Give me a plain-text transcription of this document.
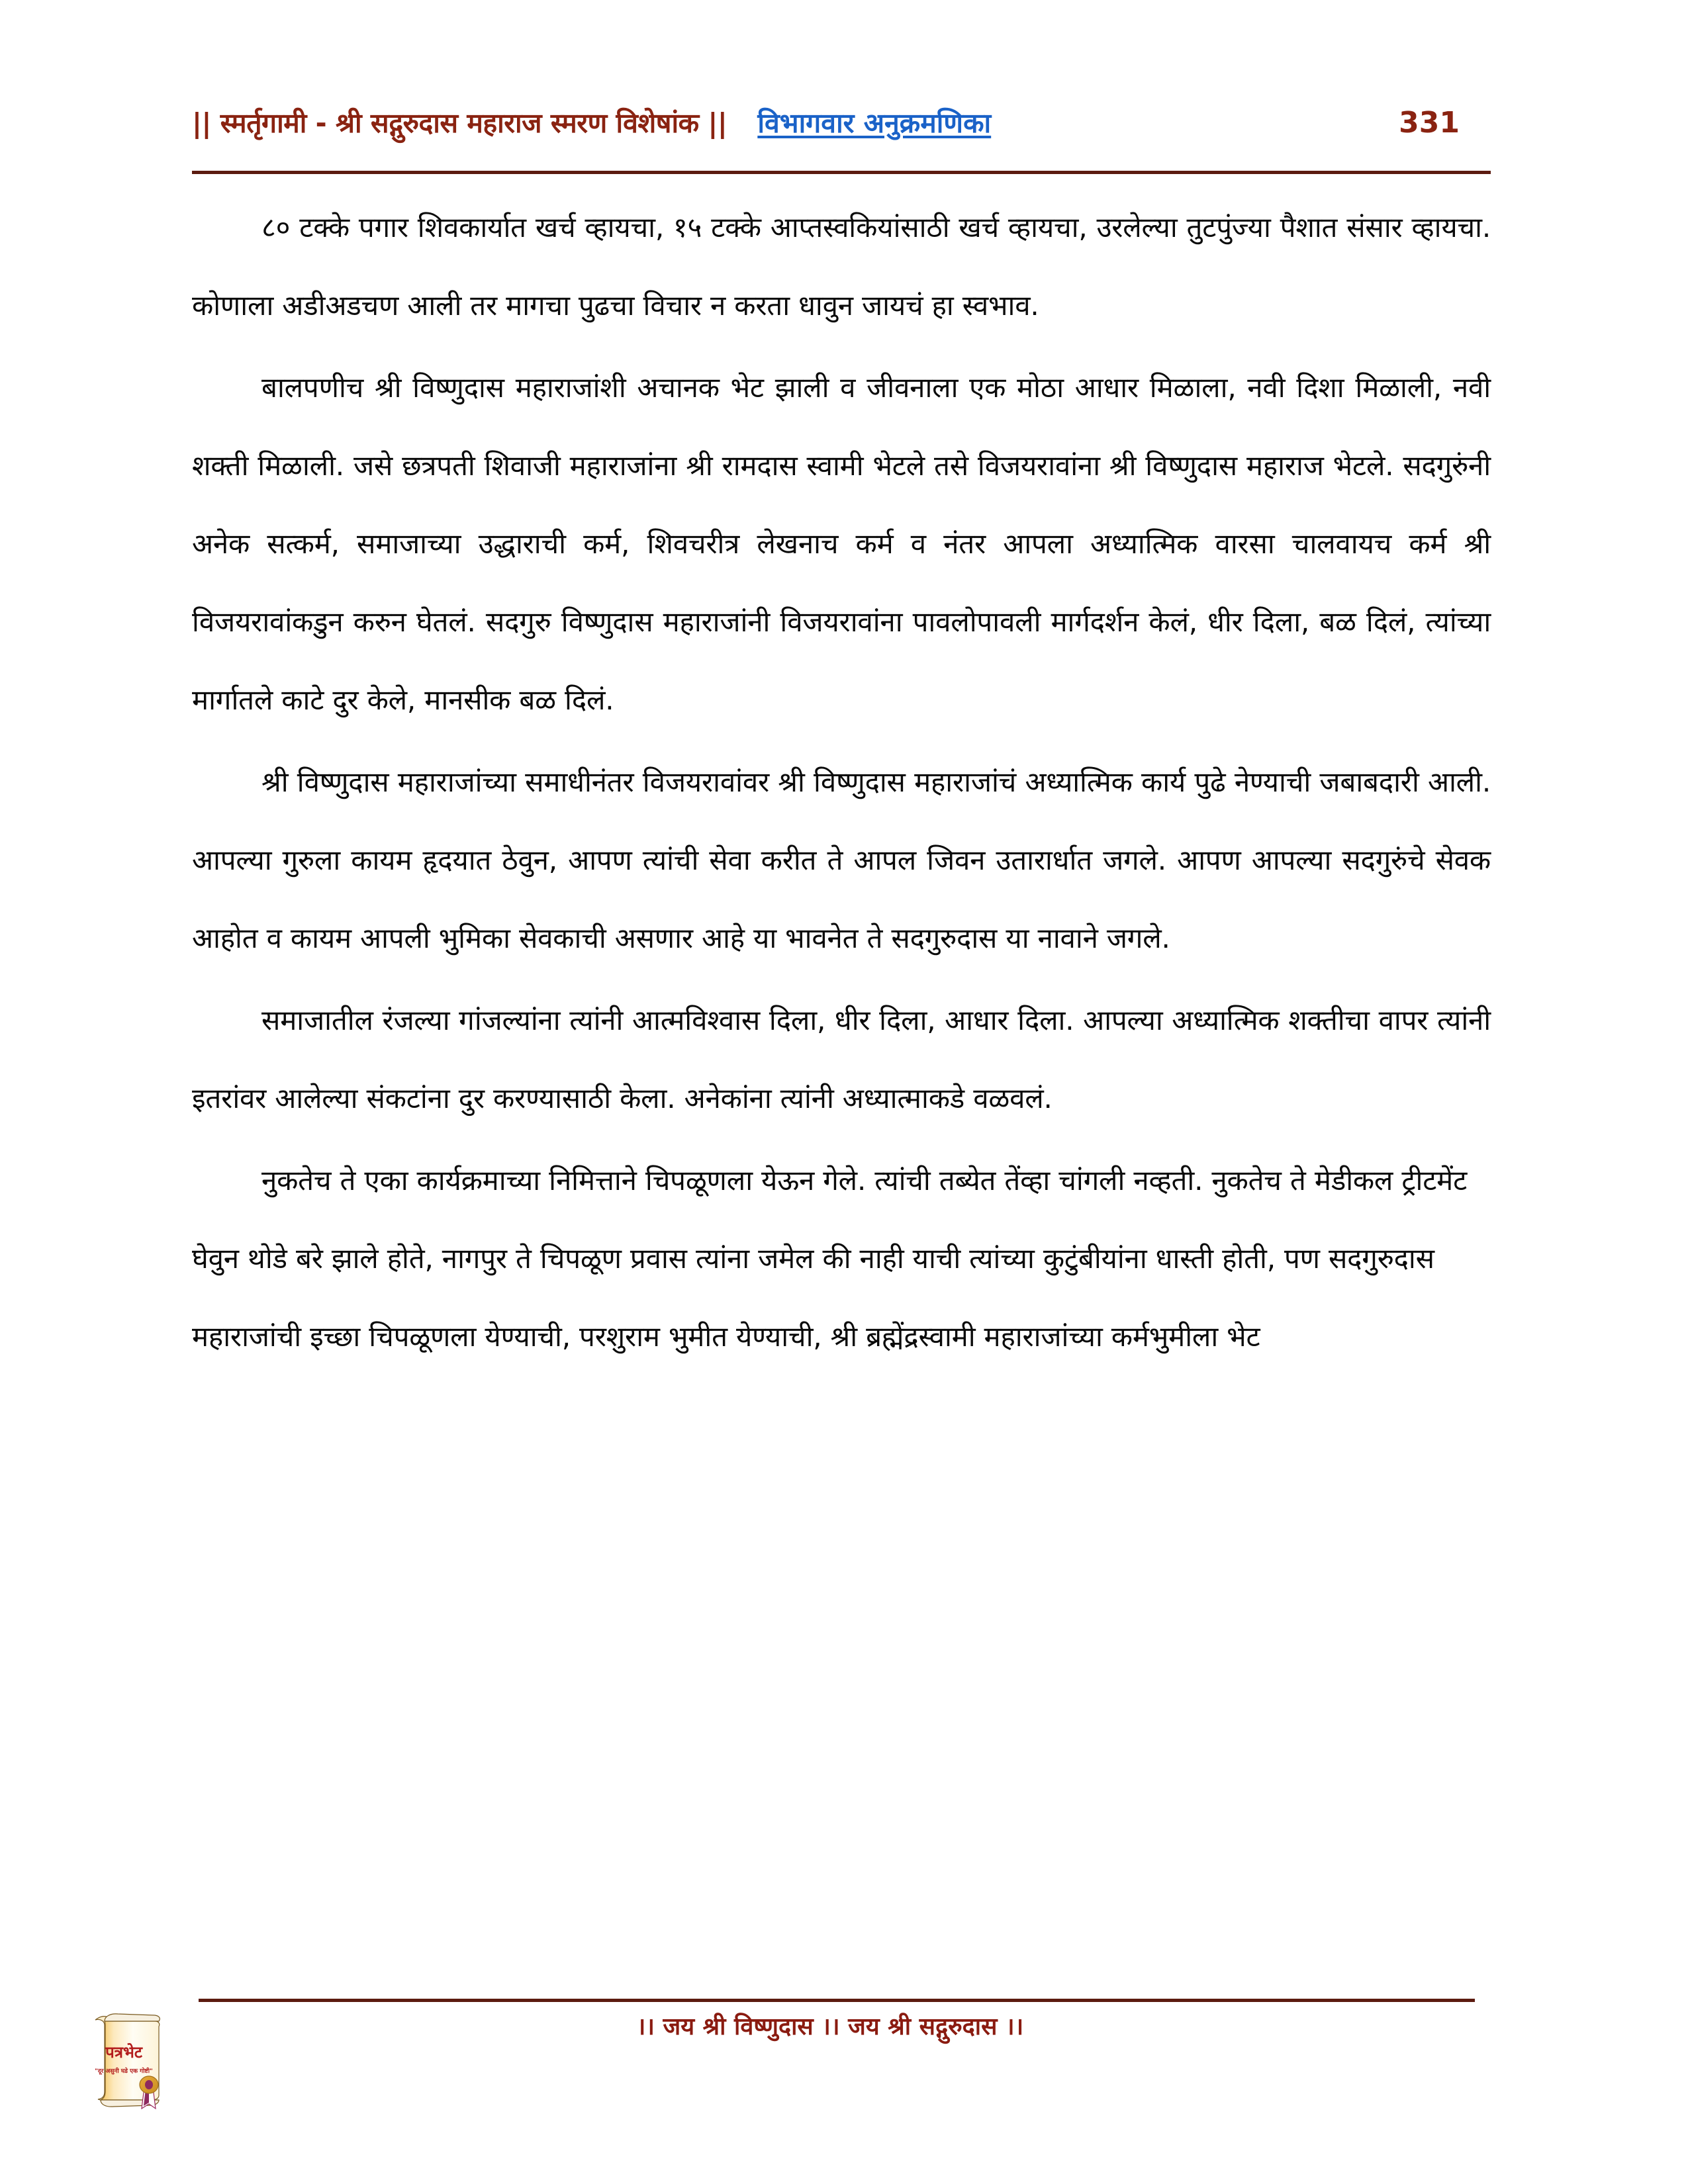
|| स्मर्तृगामी - श्री सद्गुरुदास महाराज स्मरण विशेषांक || विभागवार अनुक्रमणिका	331

८० टक्के पगार शिवकार्यात खर्च व्हायचा, १५ टक्के आप्तस्वकियांसाठी खर्च व्हायचा, उरलेल्या तुटपुंज्या पैशात संसार व्हायचा. कोणाला अडीअडचण आली तर मागचा पुढचा विचार न करता धावुन जायचं हा स्वभाव.

बालपणीच श्री विष्णुदास महाराजांशी अचानक भेट झाली व जीवनाला एक मोठा आधार मिळाला, नवी दिशा मिळाली, नवी शक्ती मिळाली. जसे छत्रपती शिवाजी महाराजांना श्री रामदास स्वामी भेटले तसे विजयरावांना श्री विष्णुदास महाराज भेटले. सदगुरुंनी अनेक सत्कर्म, समाजाच्या उद्धाराची कर्म, शिवचरीत्र लेखनाच कर्म व नंतर आपला अध्यात्मिक वारसा चालवायच कर्म श्री विजयरावांकडुन करुन घेतलं. सदगुरु विष्णुदास महाराजांनी विजयरावांना पावलोपावली मार्गदर्शन केलं, धीर दिला, बळ दिलं, त्यांच्या मार्गातले काटे दुर केले, मानसीक बळ दिलं.

श्री विष्णुदास महाराजांच्या समाधीनंतर विजयरावांवर श्री विष्णुदास महाराजांचं अध्यात्मिक कार्य पुढे नेण्याची जबाबदारी आली. आपल्या गुरुला कायम हृदयात ठेवुन, आपण त्यांची सेवा करीत ते आपल जिवन उतारार्धात जगले. आपण आपल्या सदगुरुंचे सेवक आहोत व कायम आपली भुमिका सेवकाची असणार आहे या भावनेत ते सदगुरुदास या नावाने जगले.

समाजातील रंजल्या गांजल्यांना त्यांनी आत्मविश्वास दिला, धीर दिला, आधार दिला. आपल्या अध्यात्मिक शक्तीचा वापर त्यांनी इतरांवर आलेल्या संकटांना दुर करण्यासाठी केला. अनेकांना त्यांनी अध्यात्माकडे वळवलं.

नुकतेच ते एका कार्यक्रमाच्या निमित्ताने चिपळूणला येऊन गेले. त्यांची तब्येत तेंव्हा चांगली नव्हती. नुकतेच ते मेडीकल ट्रीटमेंट घेवुन थोडे बरे झाले होते, नागपुर ते चिपळूण प्रवास त्यांना जमेल की नाही याची त्यांच्या कुटुंबीयांना धास्ती होती, पण सदगुरुदास महाराजांची इच्छा चिपळूणला येण्याची, परशुराम भुमीत येण्याची, श्री ब्रह्मेंद्रस्वामी महाराजांच्या कर्मभुमीला भेट

।। जय श्री विष्णुदास ।। जय श्री सद्गुरुदास ।।
पत्रभेट
"दूर असुनी घडे एक गोष्टी"
